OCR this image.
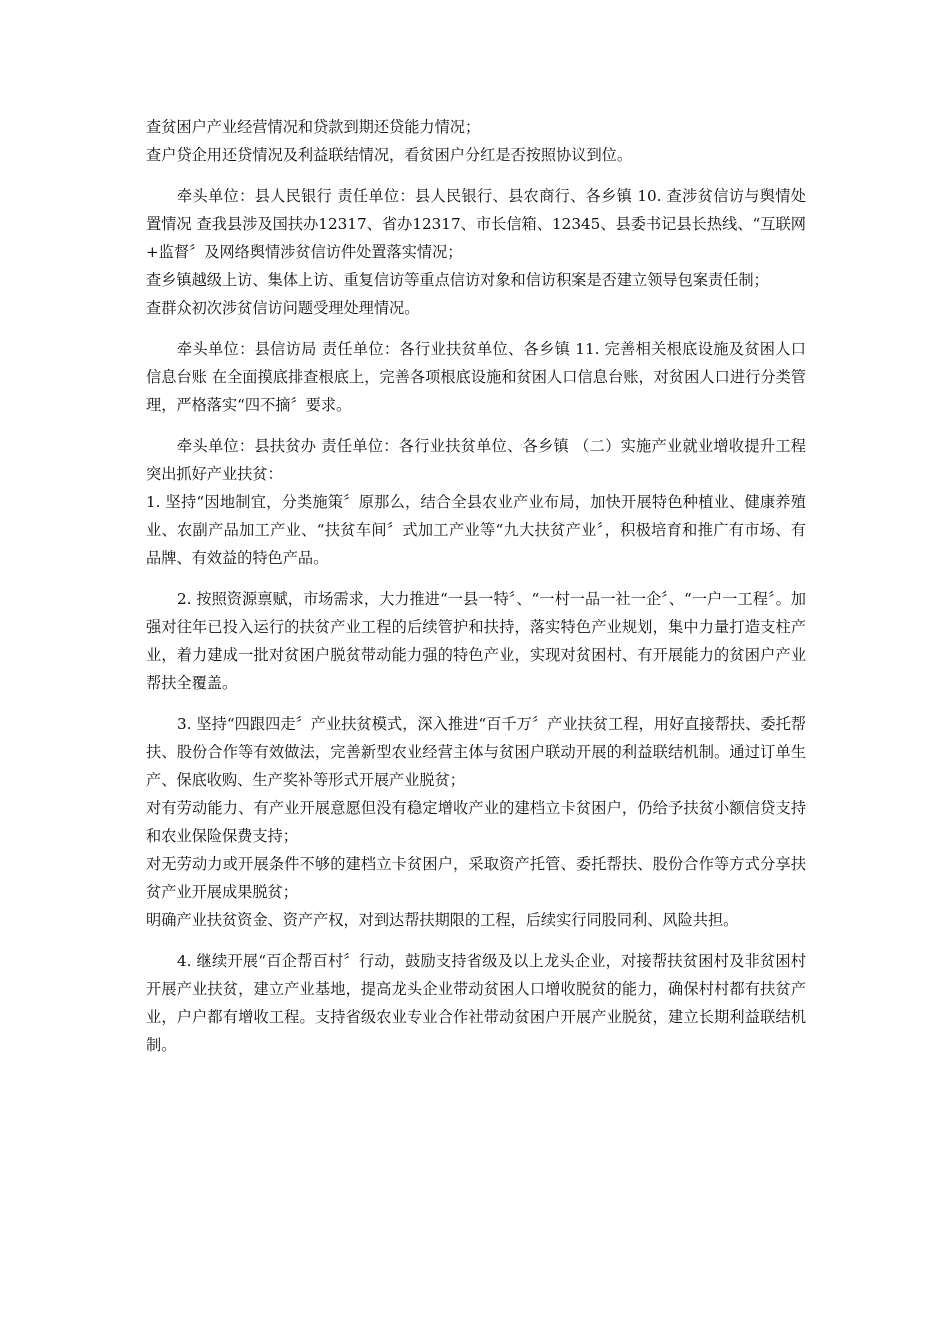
查贫困户产业经营情况和贷款到期还贷能力情况；

查户贷企用还贷情况及利益联结情况，看贫困户分红是否按照协议到位。

牵头单位：县人民银行 责任单位：县人民银行、县农商行、各乡镇 10. 查涉贫信访与舆情处置情况 查我县涉及国扶办12317、省办12317、市长信箱、12345、县委书记县长热线、“互联网+监督〞及网络舆情涉贫信访件处置落实情况；

查乡镇越级上访、集体上访、重复信访等重点信访对象和信访积案是否建立领导包案责任制；

查群众初次涉贫信访问题受理处理情况。

牵头单位：县信访局 责任单位：各行业扶贫单位、各乡镇 11. 完善相关根底设施及贫困人口信息台账 在全面摸底排查根底上，完善各项根底设施和贫困人口信息台账，对贫困人口进行分类管理，严格落实“四不摘〞要求。

牵头单位：县扶贫办 责任单位：各行业扶贫单位、各乡镇 （二）实施产业就业增收提升工程 突出抓好产业扶贫：

1. 坚持“因地制宜，分类施策〞原那么，结合全县农业产业布局，加快开展特色种植业、健康养殖业、农副产品加工产业、“扶贫车间〞式加工产业等“九大扶贫产业〞，积极培育和推广有市场、有品牌、有效益的特色产品。

2. 按照资源禀赋，市场需求，大力推进“一县一特〞、“一村一品一社一企〞、“一户一工程〞。加强对往年已投入运行的扶贫产业工程的后续管护和扶持，落实特色产业规划，集中力量打造支柱产业，着力建成一批对贫困户脱贫带动能力强的特色产业，实现对贫困村、有开展能力的贫困户产业帮扶全覆盖。

3. 坚持“四跟四走〞产业扶贫模式，深入推进“百千万〞产业扶贫工程，用好直接帮扶、委托帮扶、股份合作等有效做法，完善新型农业经营主体与贫困户联动开展的利益联结机制。通过订单生产、保底收购、生产奖补等形式开展产业脱贫；

对有劳动能力、有产业开展意愿但没有稳定增收产业的建档立卡贫困户，仍给予扶贫小额信贷支持和农业保险保费支持；

对无劳动力或开展条件不够的建档立卡贫困户，采取资产托管、委托帮扶、股份合作等方式分享扶贫产业开展成果脱贫；

明确产业扶贫资金、资产产权，对到达帮扶期限的工程，后续实行同股同利、风险共担。

4. 继续开展“百企帮百村〞行动，鼓励支持省级及以上龙头企业，对接帮扶贫困村及非贫困村开展产业扶贫，建立产业基地，提高龙头企业带动贫困人口增收脱贫的能力，确保村村都有扶贫产业，户户都有增收工程。支持省级农业专业合作社带动贫困户开展产业脱贫，建立长期利益联结机制。
